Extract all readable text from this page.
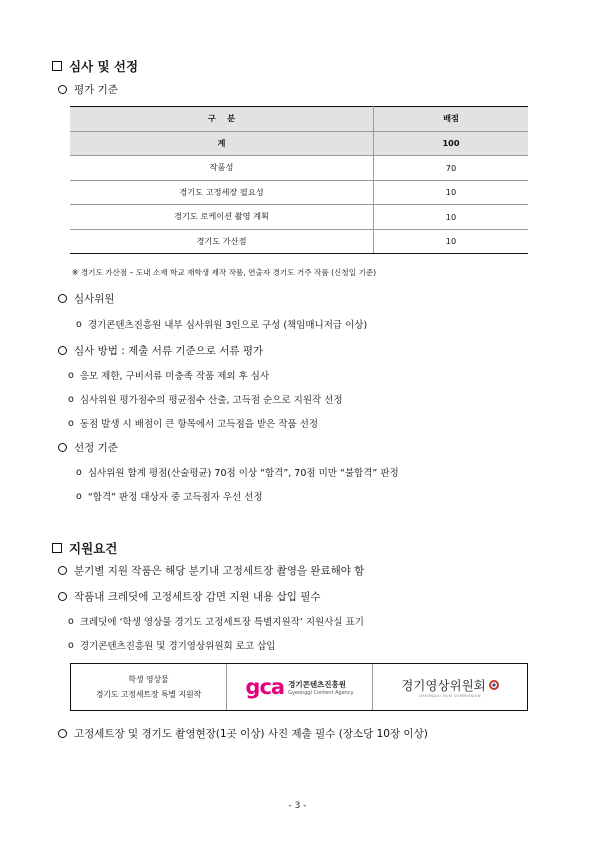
심사 및 선정
평가 기준
구    분	배점
계	100
작품성	70
경기도 고정세장 필요성	10
경기도 로케이션 촬영 계획	10
경기도 가산점	10
※ 경기도 가산점 – 도내 소재 학교 재학생 제작 작품, 연출자 경기도 거주 작품 (신청일 기준)
심사위원
o 경기콘텐츠진흥원 내부 심사위원 3인으로 구성 (책임매니저급 이상)
심사 방법 : 제출 서류 기준으로 서류 평가
o 응모 제한, 구비서류 미충족 작품 제외 후 심사
o 심사위원 평가점수의 평균점수 산출, 고득점 순으로 지원작 선정
o 동점 발생 시 배점이 큰 항목에서 고득점을 받은 작품 선정
선정 기준
o 심사위원 합계 평점(산술평균) 70점 이상 “합격”, 70점 미만 “불합격” 판정
o “합격” 판정 대상자 중 고득점자 우선 선정
지원요건
분기별 지원 작품은 해당 분기내 고정세트장 촬영을 완료해야 함
작품내 크레딧에 고정세트장 감면 지원 내용 삽입 필수
o 크레딧에 ‘학생 영상물 경기도 고정세트장 특별지원작’ 지원사실 표기
o 경기콘텐츠진흥원 및 경기영상위원회 로고 삽입
학생 영상물
경기도 고정세트장 특별 지원작 gca 경기콘텐츠진흥원
Gyeonggi Content Agency	경기영상위원회
GYEONGGI FILM COMMISSION
고정세트장 및 경기도 촬영현장(1곳 이상) 사진 제출 필수 (장소당 10장 이상)
- 3 -
